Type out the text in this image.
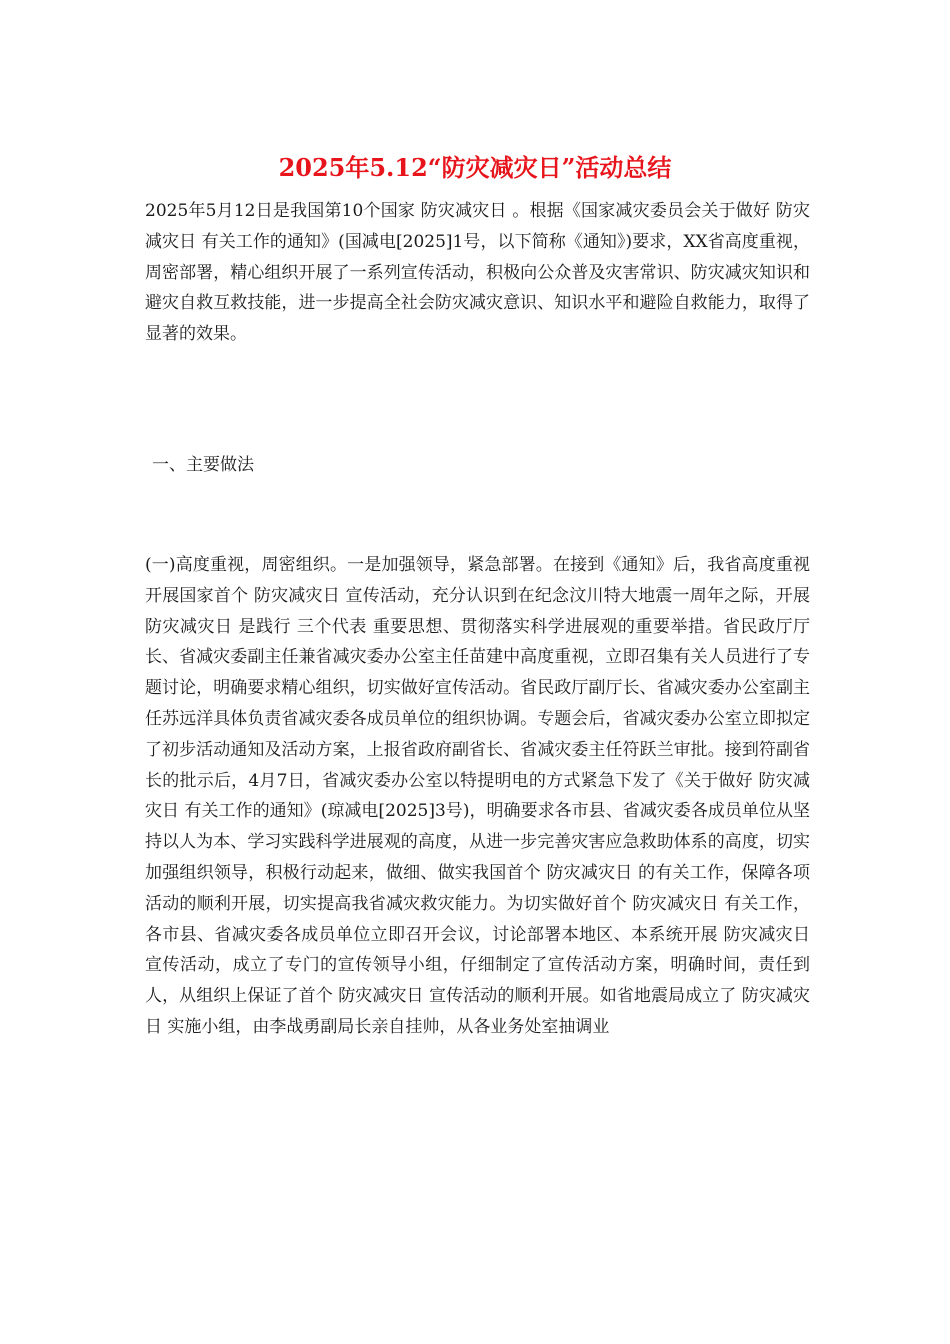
2025年5.12“防灾减灾日”活动总结

2025年5月12日是我国第10个国家 防灾减灾日 。根据《国家减灾委员会关于做好 防灾减灾日 有关工作的通知》(国减电[2025]1号，以下简称《通知》)要求，XX省高度重视，周密部署，精心组织开展了一系列宣传活动，积极向公众普及灾害常识、防灾减灾知识和避灾自救互救技能，进一步提高全社会防灾减灾意识、知识水平和避险自救能力，取得了显著的效果。

一、主要做法

(一)高度重视，周密组织。一是加强领导，紧急部署。在接到《通知》后，我省高度重视开展国家首个 防灾减灾日 宣传活动，充分认识到在纪念汶川特大地震一周年之际，开展 防灾减灾日 是践行 三个代表 重要思想、贯彻落实科学进展观的重要举措。省民政厅厅长、省减灾委副主任兼省减灾委办公室主任苗建中高度重视，立即召集有关人员进行了专题讨论，明确要求精心组织，切实做好宣传活动。省民政厅副厅长、省减灾委办公室副主任苏远洋具体负责省减灾委各成员单位的组织协调。专题会后，省减灾委办公室立即拟定了初步活动通知及活动方案，上报省政府副省长、省减灾委主任符跃兰审批。接到符副省长的批示后，4月7日，省减灾委办公室以特提明电的方式紧急下发了《关于做好 防灾减灾日 有关工作的通知》(琼减电[2025]3号)，明确要求各市县、省减灾委各成员单位从坚持以人为本、学习实践科学进展观的高度，从进一步完善灾害应急救助体系的高度，切实加强组织领导，积极行动起来，做细、做实我国首个 防灾减灾日 的有关工作，保障各项活动的顺利开展，切实提高我省减灾救灾能力。为切实做好首个 防灾减灾日 有关工作，各市县、省减灾委各成员单位立即召开会议，讨论部署本地区、本系统开展 防灾减灾日 宣传活动，成立了专门的宣传领导小组，仔细制定了宣传活动方案，明确时间，责任到人，从组织上保证了首个 防灾减灾日 宣传活动的顺利开展。如省地震局成立了 防灾减灾日 实施小组，由李战勇副局长亲自挂帅，从各业务处室抽调业
